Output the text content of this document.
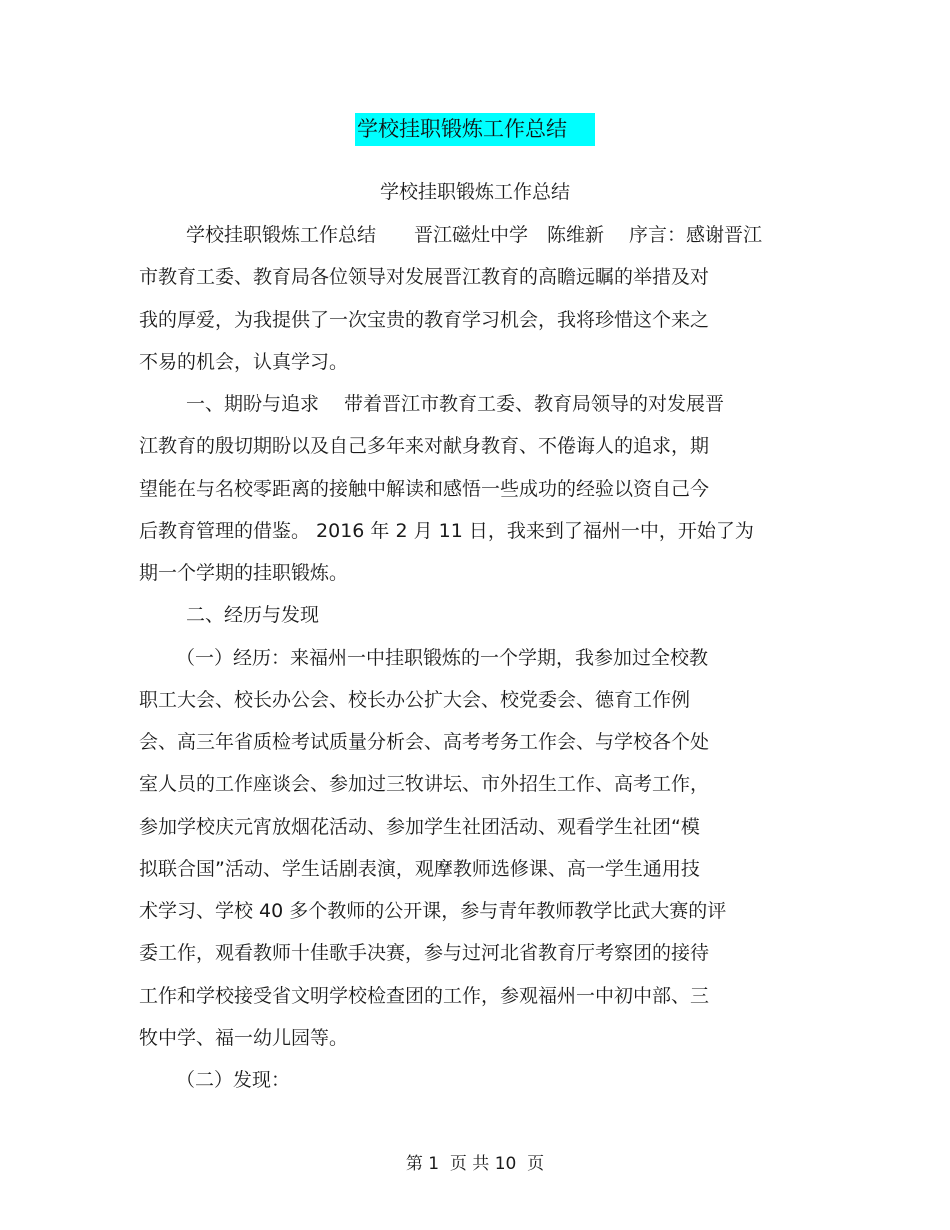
学校挂职锻炼工作总结
学校挂职锻炼工作总结
学校挂职锻炼工作总结　　晋江磁灶中学　陈维新　 序言：感谢晋江
市教育工委、教育局各位领导对发展晋江教育的高瞻远瞩的举措及对
我的厚爱，为我提供了一次宝贵的教育学习机会，我将珍惜这个来之
不易的机会，认真学习。
一、期盼与追求　 带着晋江市教育工委、教育局领导的对发展晋
江教育的殷切期盼以及自己多年来对献身教育、不倦诲人的追求，期
望能在与名校零距离的接触中解读和感悟一些成功的经验以资自己今
后教育管理的借鉴。 2016 年 2 月 11 日，我来到了福州一中，开始了为
期一个学期的挂职锻炼。
二、经历与发现
（一）经历：来福州一中挂职锻炼的一个学期，我参加过全校教
职工大会、校长办公会、校长办公扩大会、校党委会、德育工作例
会、高三年省质检考试质量分析会、高考考务工作会、与学校各个处
室人员的工作座谈会、参加过三牧讲坛、市外招生工作、高考工作，
参加学校庆元宵放烟花活动、参加学生社团活动、观看学生社团“模
拟联合国”活动、学生话剧表演，观摩教师选修课、高一学生通用技
术学习、学校 40 多个教师的公开课，参与青年教师教学比武大赛的评
委工作，观看教师十佳歌手决赛，参与过河北省教育厅考察团的接待
工作和学校接受省文明学校检查团的工作，参观福州一中初中部、三
牧中学、福一幼儿园等。
（二）发现：
第 1  页 共 10  页
